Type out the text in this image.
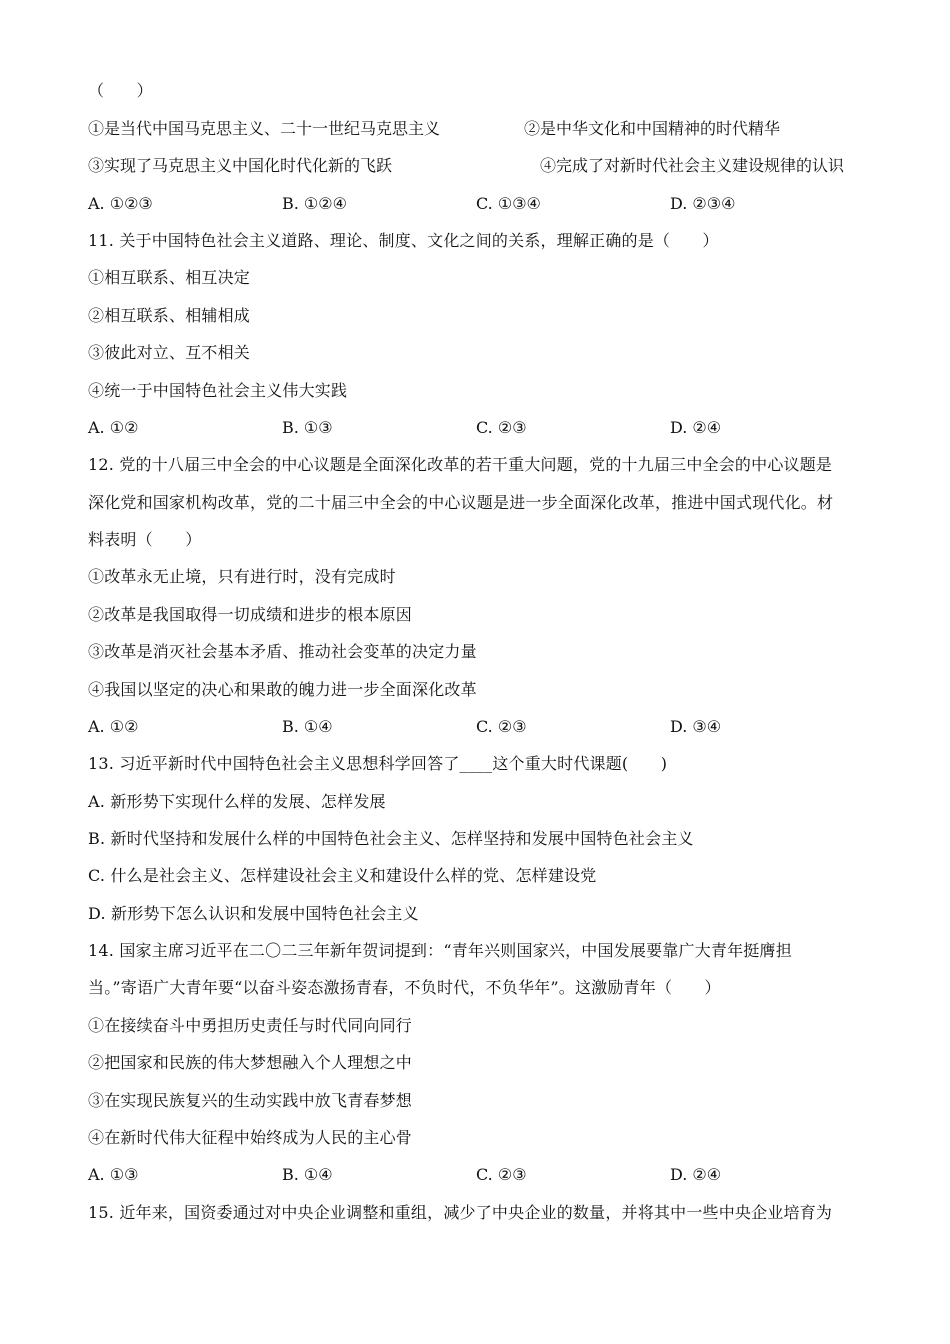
（　　）
①是当代中国马克思主义、二十一世纪马克思主义	②是中华文化和中国精神的时代精华
③实现了马克思主义中国化时代化新的飞跃	④完成了对新时代社会主义建设规律的认识
A. ①②③	B. ①②④	C. ①③④	D. ②③④
11. 关于中国特色社会主义道路、理论、制度、文化之间的关系，理解正确的是（　　）
①相互联系、相互决定
②相互联系、相辅相成
③彼此对立、互不相关
④统一于中国特色社会主义伟大实践
A. ①②	B. ①③	C. ②③	D. ②④
12. 党的十八届三中全会的中心议题是全面深化改革的若干重大问题，党的十九届三中全会的中心议题是
深化党和国家机构改革，党的二十届三中全会的中心议题是进一步全面深化改革，推进中国式现代化。材
料表明（　　）
①改革永无止境，只有进行时，没有完成时
②改革是我国取得一切成绩和进步的根本原因
③改革是消灭社会基本矛盾、推动社会变革的决定力量
④我国以坚定的决心和果敢的魄力进一步全面深化改革
A. ①②	B. ①④	C. ②③	D. ③④
13. 习近平新时代中国特色社会主义思想科学回答了____这个重大时代课题(　　)
A. 新形势下实现什么样的发展、怎样发展
B. 新时代坚持和发展什么样的中国特色社会主义、怎样坚持和发展中国特色社会主义
C. 什么是社会主义、怎样建设社会主义和建设什么样的党、怎样建设党
D. 新形势下怎么认识和发展中国特色社会主义
14. 国家主席习近平在二〇二三年新年贺词提到：“青年兴则国家兴，中国发展要靠广大青年挺膺担
当。”寄语广大青年要“以奋斗姿态激扬青春，不负时代，不负华年”。这激励青年（　　）
①在接续奋斗中勇担历史责任与时代同向同行
②把国家和民族的伟大梦想融入个人理想之中
③在实现民族复兴的生动实践中放飞青春梦想
④在新时代伟大征程中始终成为人民的主心骨
A. ①③	B. ①④	C. ②③	D. ②④
15. 近年来，国资委通过对中央企业调整和重组，减少了中央企业的数量，并将其中一些中央企业培育为
